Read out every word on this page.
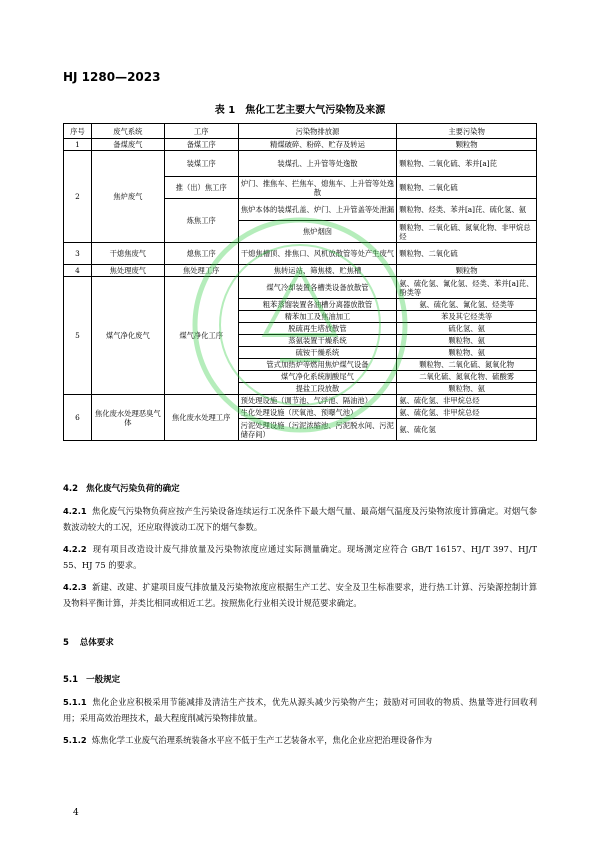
HJ 1280—2023
表 1　焦化工艺主要大气污染物及来源
序号	废气系统	工序	污染物排放源	主要污染物
1	备煤废气	备煤工序	精煤破碎、粉碎、贮存及转运	颗粒物
2	焦炉废气	装煤工序	装煤孔、上升管等处逸散	颗粒物、二氧化硫、苯并[a]芘
		推（出）焦工序	炉门、推焦车、拦焦车、熄焦车、上升管等处逸散	颗粒物、二氧化硫
		炼焦工序	焦炉本体的装煤孔盖、炉门、上升管盖等处泄漏	颗粒物、烃类、苯并[a]芘、硫化氢、氨
			焦炉烟囱	颗粒物、二氧化硫、氮氧化物、非甲烷总烃
3	干熄焦废气	熄焦工序	干熄焦槽顶、排焦口、风机放散管等处产生废气	颗粒物、二氧化硫
4	焦处理废气	焦处理工序	焦转运站、筛焦楼、贮焦槽	颗粒物
5	煤气净化废气	煤气净化工序	煤气冷却装置各槽类设备放散管	氨、硫化氢、氰化氢、烃类、苯并[a]芘、酚类等
			粗苯蒸馏装置各油槽分离器放散管	氨、硫化氢、氰化氢、烃类等
			精苯加工及焦油加工	苯及其它烃类等
			脱硫再生塔放散管	硫化氢、氨
			蒸氨装置干燥系统	颗粒物、氨
			硫铵干燥系统	颗粒物、氨
			管式加热炉等燃用焦炉煤气设备	颗粒物、二氧化硫、氮氧化物
			煤气净化系统制酸尾气	二氧化硫、氮氧化物、硫酸雾
			提盐工段放散	颗粒物、氨
6	焦化废水处理恶臭气体	焦化废水处理工序	预处理设施（调节池、气浮池、隔油池）	氨、硫化氢、非甲烷总烃
			生化处理设施（厌氧池、预曝气池）	氨、硫化氢、非甲烷总烃
			污泥处理设施（污泥浓缩池、污泥脱水间、污泥储存间）	氨、硫化氢
4.2 焦化废气污染负荷的确定
4.2.1 焦化废气污染物负荷应按产生污染设备连续运行工况条件下最大烟气量、最高烟气温度及污染物浓度计算确定。对烟气参数波动较大的工况，还应取得波动工况下的烟气参数。
4.2.2 现有项目改造设计废气排放量及污染物浓度应通过实际测量确定。现场测定应符合 GB/T 16157、HJ/T 397、HJ/T 55、HJ 75 的要求。
4.2.3 新建、改建、扩建项目废气排放量及污染物浓度应根据生产工艺、安全及卫生标准要求，进行热工计算、污染源控制计算及物料平衡计算，并类比相同或相近工艺。按照焦化行业相关设计规范要求确定。
5 总体要求
5.1 一般规定
5.1.1 焦化企业应积极采用节能减排及清洁生产技术，优先从源头减少污染物产生；鼓励对可回收的物质、热量等进行回收利用；采用高效治理技术，最大程度削减污染物排放量。
5.1.2 炼焦化学工业废气治理系统装备水平应不低于生产工艺装备水平，焦化企业应把治理设备作为
4
